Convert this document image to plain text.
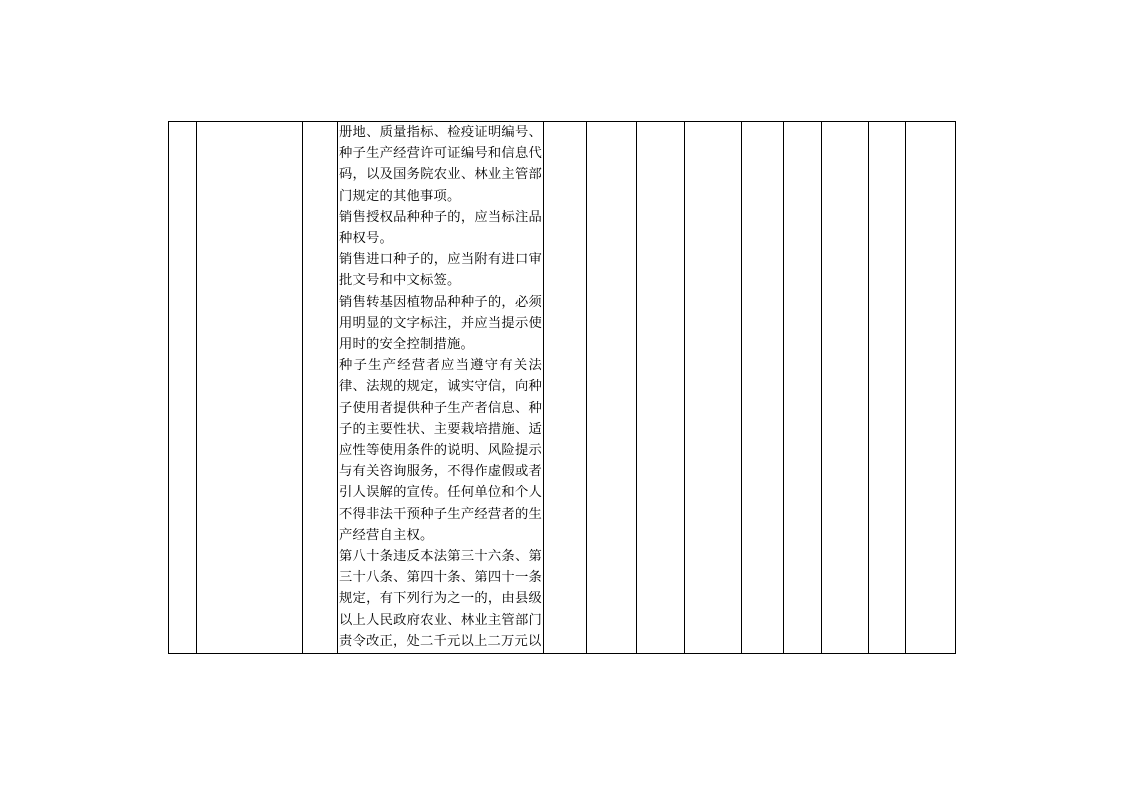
册地、质量指标、检疫证明编号、种子生产经营许可证编号和信息代码，以及国务院农业、林业主管部门规定的其他事项。

销售授权品种种子的，应当标注品种权号。

销售进口种子的，应当附有进口审批文号和中文标签。

销售转基因植物品种种子的，必须用明显的文字标注，并应当提示使用时的安全控制措施。

种子生产经营者应当遵守有关法律、法规的规定，诚实守信，向种子使用者提供种子生产者信息、种子的主要性状、主要栽培措施、适应性等使用条件的说明、风险提示与有关咨询服务，不得作虚假或者引人误解的宣传。任何单位和个人不得非法干预种子生产经营者的生产经营自主权。

第八十条违反本法第三十六条、第三十八条、第四十条、第四十一条规定，有下列行为之一的，由县级以上人民政府农业、林业主管部门责令改正，处二千元以上二万元以
